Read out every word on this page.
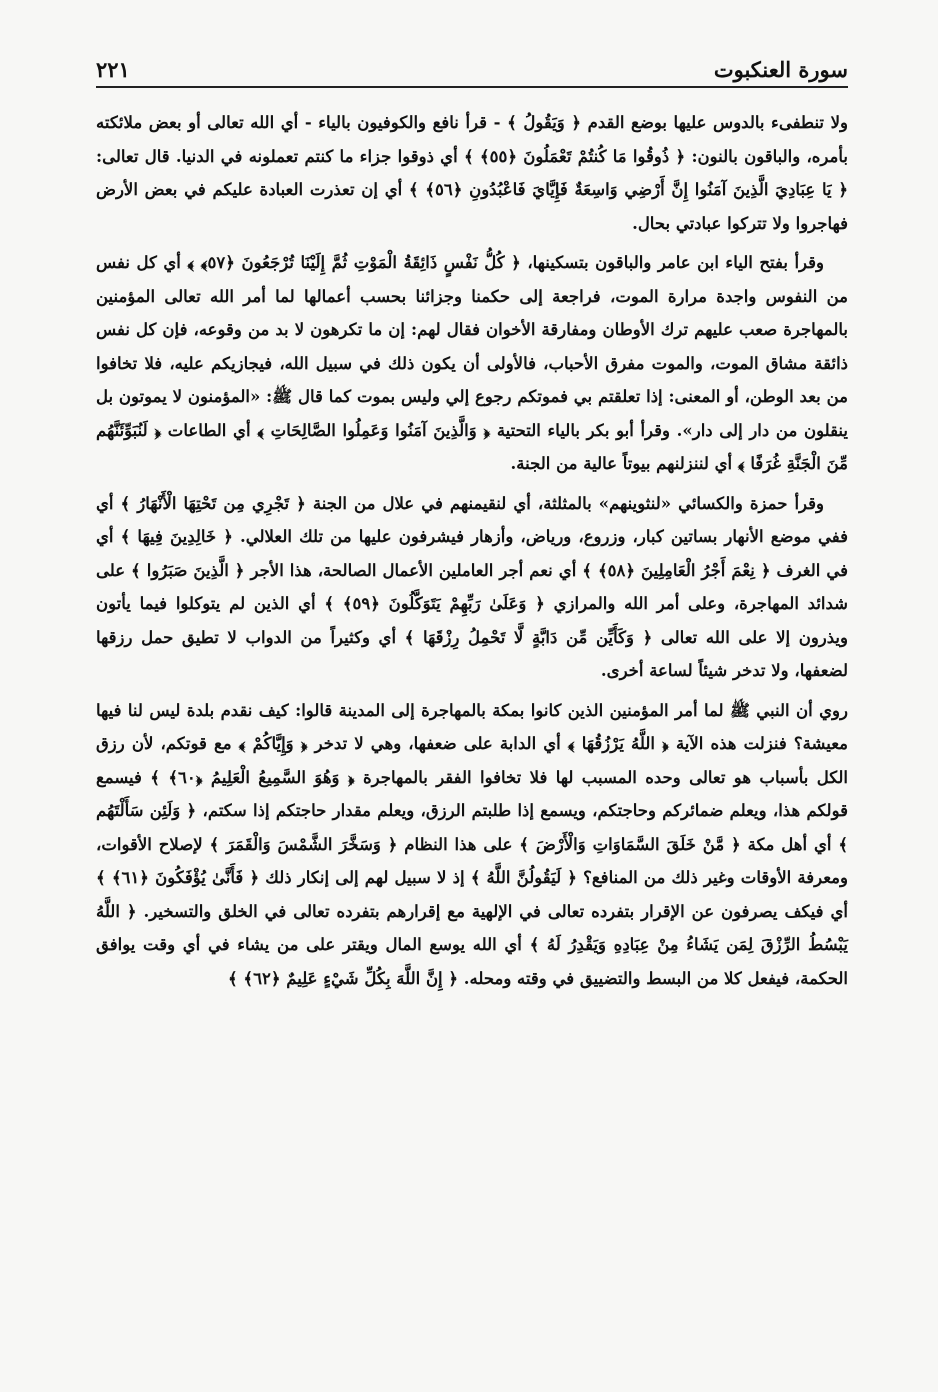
سورة العنكبوت
٢٢١

ولا تنطفىء بالدوس عليها بوضع القدم ﴿ وَيَقُولُ ﴾ - قرأ نافع والكوفيون بالياء - أي الله تعالى أو بعض ملائكته بأمره، والباقون بالنون: ﴿ ذُوقُوا مَا كُنتُمْ تَعْمَلُونَ ﴿٥٥﴾ ﴾ أي ذوقوا جزاء ما كنتم تعملونه في الدنيا. قال تعالى: ﴿ يَا عِبَادِيَ الَّذِينَ آمَنُوا إِنَّ أَرْضِي وَاسِعَةٌ فَإِيَّايَ فَاعْبُدُونِ ﴿٥٦﴾ ﴾ أي إن تعذرت العبادة عليكم في بعض الأرض فهاجروا ولا تتركوا عبادتي بحال.

وقرأ بفتح الياء ابن عامر والباقون بتسكينها، ﴿ كُلُّ نَفْسٍ ذَائِقَةُ الْمَوْتِ ثُمَّ إِلَيْنَا تُرْجَعُونَ ﴿٥٧﴾ ﴾ أي كل نفس من النفوس واجدة مرارة الموت، فراجعة إلى حكمنا وجزائنا بحسب أعمالها لما أمر الله تعالى المؤمنين بالمهاجرة صعب عليهم ترك الأوطان ومفارقة الأخوان فقال لهم: إن ما تكرهون لا بد من وقوعه، فإن كل نفس ذائقة مشاق الموت، والموت مفرق الأحباب، فالأولى أن يكون ذلك في سبيل الله، فيجازيكم عليه، فلا تخافوا من بعد الوطن، أو المعنى: إذا تعلقتم بي فموتكم رجوع إلي وليس بموت كما قال ﷺ: «المؤمنون لا يموتون بل ينقلون من دار إلى دار». وقرأ أبو بكر بالياء التحتية ﴿ وَالَّذِينَ آمَنُوا وَعَمِلُوا الصَّالِحَاتِ ﴾ أي الطاعات ﴿ لَنُبَوِّئَنَّهُم مِّنَ الْجَنَّةِ غُرَفًا ﴾ أي لننزلنهم بيوتاً عالية من الجنة.

وقرأ حمزة والكسائي «لنثوينهم» بالمثلثة، أي لنقيمنهم في علال من الجنة ﴿ تَجْرِي مِن تَحْتِهَا الْأَنْهَارُ ﴾ أي ففي موضع الأنهار بساتين كبار، وزروع، ورياض، وأزهار فيشرفون عليها من تلك العلالي. ﴿ خَالِدِينَ فِيهَا ﴾ أي في الغرف ﴿ نِعْمَ أَجْرُ الْعَامِلِينَ ﴿٥٨﴾ ﴾ أي نعم أجر العاملين الأعمال الصالحة، هذا الأجر ﴿ الَّذِينَ صَبَرُوا ﴾ على شدائد المهاجرة، وعلى أمر الله والمرازي ﴿ وَعَلَىٰ رَبِّهِمْ يَتَوَكَّلُونَ ﴿٥٩﴾ ﴾ أي الذين لم يتوكلوا فيما يأتون ويذرون إلا على الله تعالى ﴿ وَكَأَيِّن مِّن دَابَّةٍ لَّا تَحْمِلُ رِزْقَهَا ﴾ أي وكثيراً من الدواب لا تطيق حمل رزقها لضعفها، ولا تدخر شيئاً لساعة أخرى.

روي أن النبي ﷺ لما أمر المؤمنين الذين كانوا بمكة بالمهاجرة إلى المدينة قالوا: كيف نقدم بلدة ليس لنا فيها معيشة؟ فنزلت هذه الآية ﴿ اللَّهُ يَرْزُقُهَا ﴾ أي الدابة على ضعفها، وهي لا تدخر ﴿ وَإِيَّاكُمْ ﴾ مع قوتكم، لأن رزق الكل بأسباب هو تعالى وحده المسبب لها فلا تخافوا الفقر بالمهاجرة ﴿ وَهُوَ السَّمِيعُ الْعَلِيمُ ﴿٦٠﴾ ﴾ فيسمع قولكم هذا، ويعلم ضمائركم وحاجتكم، ويسمع إذا طلبتم الرزق، ويعلم مقدار حاجتكم إذا سكتم، ﴿ وَلَئِن سَأَلْتَهُم ﴾ أي أهل مكة ﴿ مَّنْ خَلَقَ السَّمَاوَاتِ وَالْأَرْضَ ﴾ على هذا النظام ﴿ وَسَخَّرَ الشَّمْسَ وَالْقَمَرَ ﴾ لإصلاح الأقوات، ومعرفة الأوقات وغير ذلك من المنافع؟ ﴿ لَيَقُولُنَّ اللَّهُ ﴾ إذ لا سبيل لهم إلى إنكار ذلك ﴿ فَأَنَّىٰ يُؤْفَكُونَ ﴿٦١﴾ ﴾ أي فيكف يصرفون عن الإقرار بتفرده تعالى في الإلهية مع إقرارهم بتفرده تعالى في الخلق والتسخير. ﴿ اللَّهُ يَبْسُطُ الرِّزْقَ لِمَن يَشَاءُ مِنْ عِبَادِهِ وَيَقْدِرُ لَهُ ﴾ أي الله يوسع المال ويقتر على من يشاء في أي وقت يوافق الحكمة، فيفعل كلا من البسط والتضييق في وقته ومحله. ﴿ إِنَّ اللَّهَ بِكُلِّ شَيْءٍ عَلِيمٌ ﴿٦٢﴾ ﴾
